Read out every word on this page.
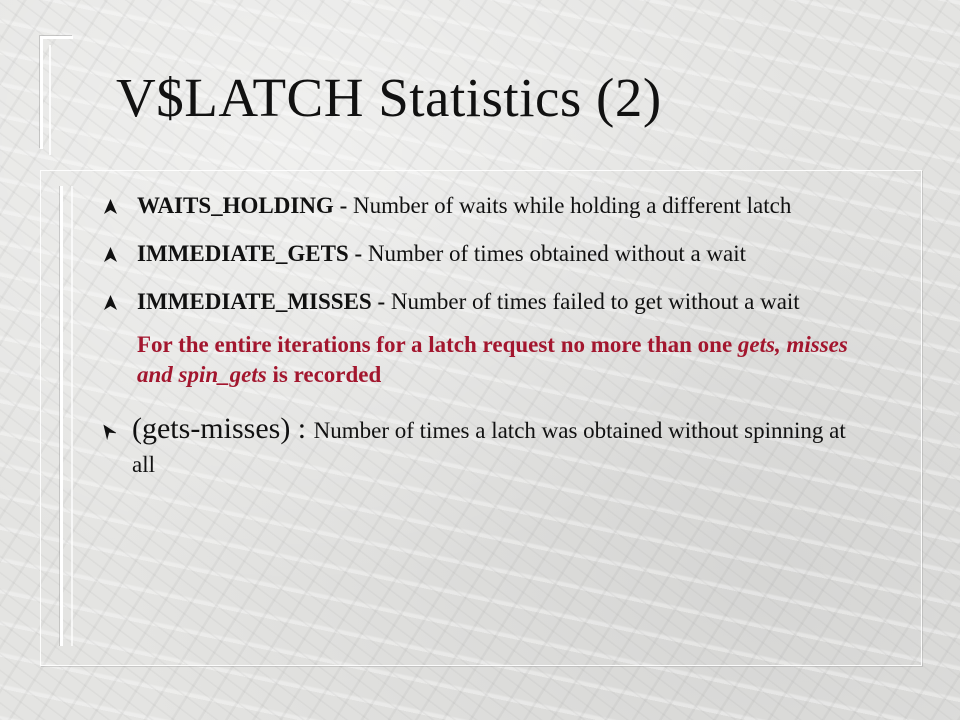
V$LATCH Statistics (2)
WAITS_HOLDING - Number of waits while holding a different latch
IMMEDIATE_GETS - Number of times obtained without a wait
IMMEDIATE_MISSES - Number of times failed to get without a wait
For the entire iterations for a latch request no more than one gets, misses and spin_gets is recorded
(gets-misses) : Number of times a latch was obtained without spinning at all
